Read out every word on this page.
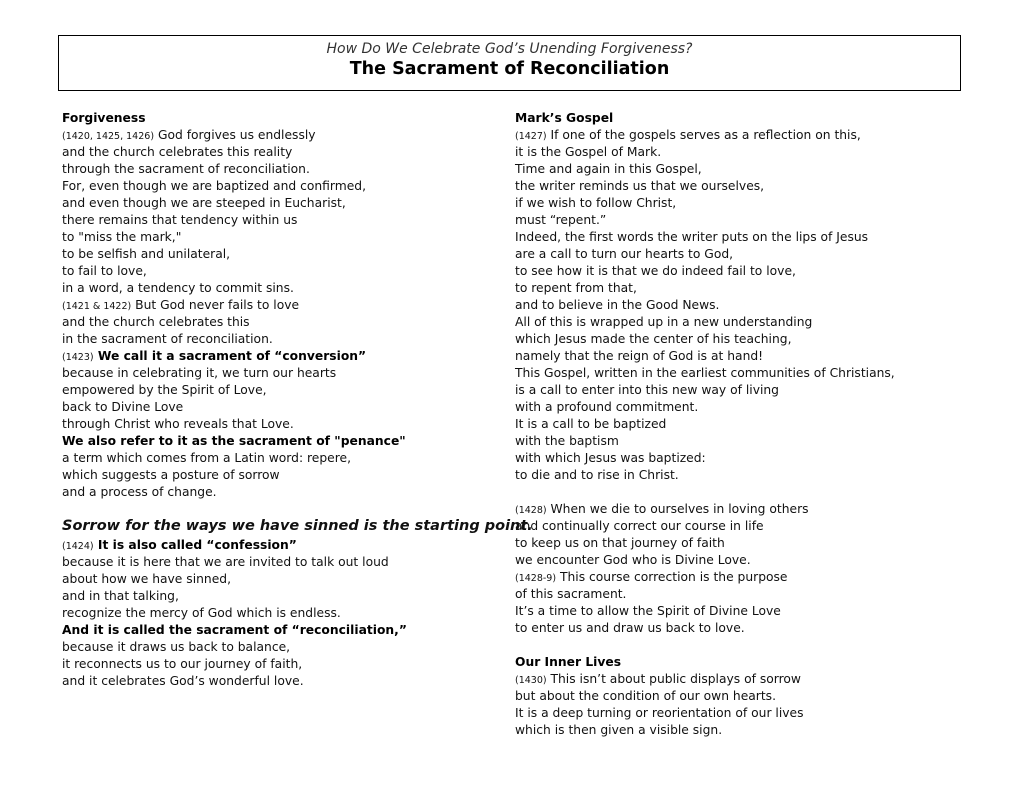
How Do We Celebrate God’s Unending Forgiveness?
The Sacrament of Reconciliation
Forgiveness
(1420, 1425, 1426) God forgives us endlessly
and the church celebrates this reality
through the sacrament of reconciliation.
For, even though we are baptized and confirmed,
and even though we are steeped in Eucharist,
there remains that tendency within us
to "miss the mark,"
to be selfish and unilateral,
to fail to love,
in a word, a tendency to commit sins.
(1421 & 1422) But God never fails to love
and the church celebrates this
in the sacrament of reconciliation.
(1423) We call it a sacrament of “conversion”
because in celebrating it, we turn our hearts
empowered by the Spirit of Love,
back to Divine Love
through Christ who reveals that Love.
We also refer to it as the sacrament of "penance"
a term which comes from a Latin word: repere,
which suggests a posture of sorrow
and a process of change.
Sorrow for the ways we have sinned is the starting point.
(1424) It is also called “confession”
because it is here that we are invited to talk out loud
about how we have sinned,
and in that talking,
recognize the mercy of God which is endless.
And it is called the sacrament of “reconciliation,”
because it draws us back to balance,
it reconnects us to our journey of faith,
and it celebrates God’s wonderful love.
Mark’s Gospel
(1427) If one of the gospels serves as a reflection on this,
it is the Gospel of Mark.
Time and again in this Gospel,
the writer reminds us that we ourselves,
if we wish to follow Christ,
must “repent.”
Indeed, the first words the writer puts on the lips of Jesus
are a call to turn our hearts to God,
to see how it is that we do indeed fail to love,
to repent from that,
and to believe in the Good News.
All of this is wrapped up in a new understanding
which Jesus made the center of his teaching,
namely that the reign of God is at hand!
This Gospel, written in the earliest communities of Christians,
is a call to enter into this new way of living
with a profound commitment.
It is a call to be baptized
with the baptism
with which Jesus was baptized:
to die and to rise in Christ.
(1428) When we die to ourselves in loving others
and continually correct our course in life
to keep us on that journey of faith
we encounter God who is Divine Love.
(1428-9) This course correction is the purpose
of this sacrament.
It’s a time to allow the Spirit of Divine Love
to enter us and draw us back to love.
Our Inner Lives
(1430) This isn’t about public displays of sorrow
but about the condition of our own hearts.
It is a deep turning or reorientation of our lives
which is then given a visible sign.
